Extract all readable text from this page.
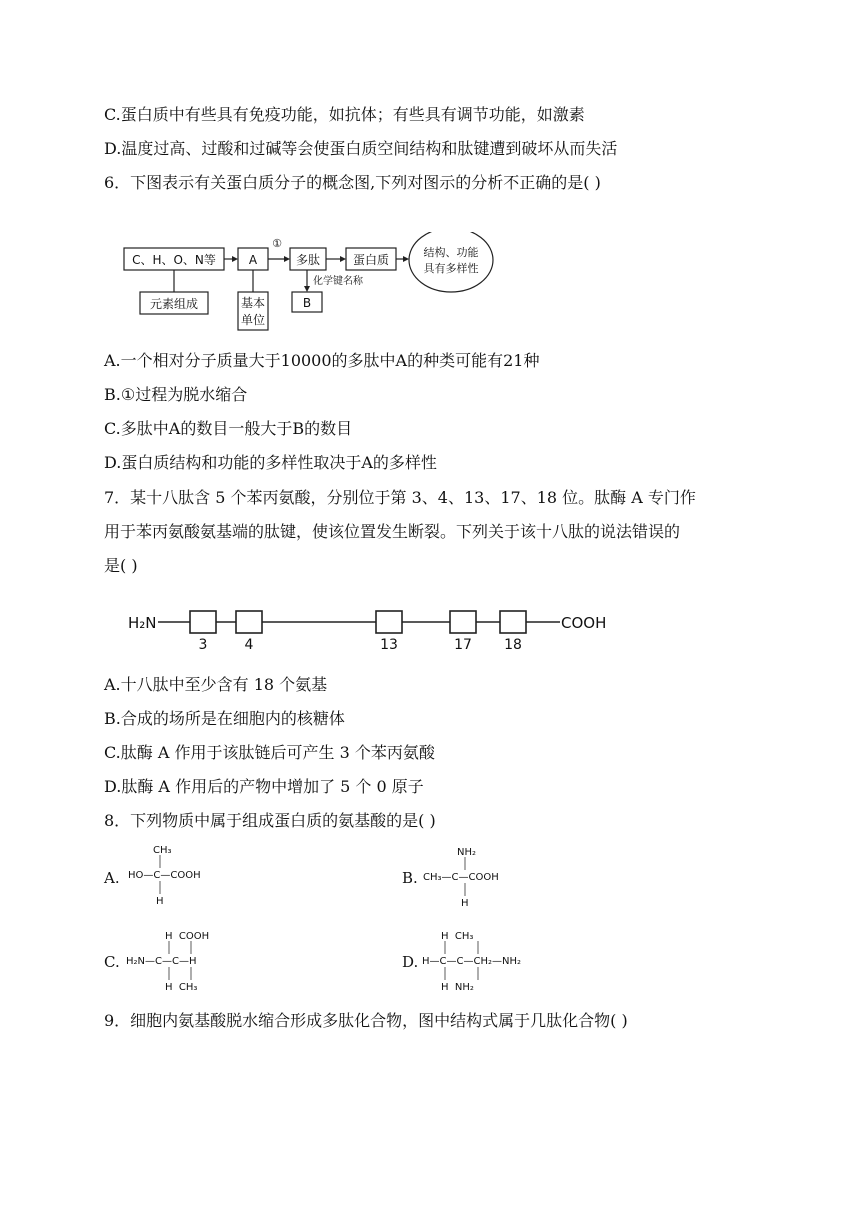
C.蛋白质中有些具有免疫功能，如抗体；有些具有调节功能，如激素
D.温度过高、过酸和过碱等会使蛋白质空间结构和肽键遭到破坏从而失活
6．下图表示有关蛋白质分子的概念图,下列对图示的分析不正确的是( )
C、H、O、N等	A
①
多肽	蛋白质
结构、功能
具有多样性
化学键名称
B
元素组成	基本
单位
A.一个相对分子质量大于10000的多肽中A的种类可能有21种
B.①过程为脱水缩合
C.多肽中A的数目一般大于B的数目
D.蛋白质结构和功能的多样性取决于A的多样性
7．某十八肽含 5 个苯丙氨酸，分别位于第 3、4、13、17、18 位。肽酶 A 专门作
用于苯丙氨酸氨基端的肽键，使该位置发生断裂。下列关于该十八肽的说法错误的
是( )
H₂N	COOH
3	4	13	17 18
A.十八肽中至少含有 18 个氨基
B.合成的场所是在细胞内的核糖体
C.肽酶 A 作用于该肽链后可产生 3 个苯丙氨酸
D.肽酶 A 作用后的产物中增加了 5 个 0 原子
8．下列物质中属于组成蛋白质的氨基酸的是( )
A.
CH₃
HO—C—COOH
H
B.
NH₂
CH₃—C—COOH
H
C.
H  COOH
H₂N—C—C—H
H  CH₃
D.
H  CH₃
H—C—C—CH₂—NH₂
H  NH₂
9．细胞内氨基酸脱水缩合形成多肽化合物，图中结构式属于几肽化合物( )
